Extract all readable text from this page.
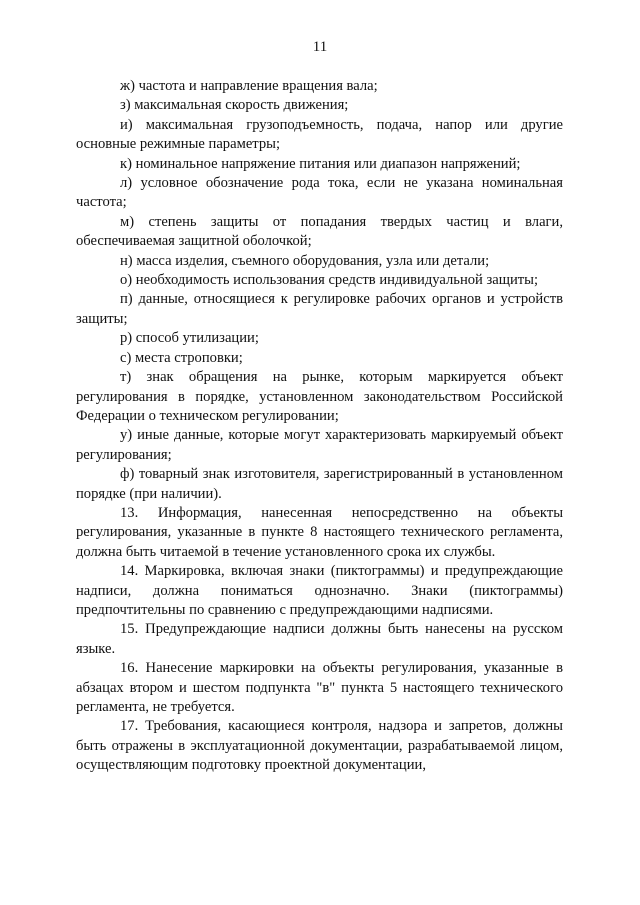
11

ж) частота и направление вращения вала;

з) максимальная скорость движения;

и) максимальная грузоподъемность, подача, напор или другие основные режимные параметры;

к) номинальное напряжение питания или диапазон напряжений;

л) условное обозначение рода тока, если не указана номинальная частота;

м) степень защиты от попадания твердых частиц и влаги, обеспечиваемая защитной оболочкой;

н) масса изделия, съемного оборудования, узла или детали;

о) необходимость использования средств индивидуальной защиты;

п) данные, относящиеся к регулировке рабочих органов и устройств защиты;

р) способ утилизации;

с) места строповки;

т) знак обращения на рынке, которым маркируется объект регулирования в порядке, установленном законодательством Российской Федерации о техническом регулировании;

у) иные данные, которые могут характеризовать маркируемый объект регулирования;

ф) товарный знак изготовителя, зарегистрированный в установленном порядке (при наличии).

13. Информация, нанесенная непосредственно на объекты регулирования, указанные в пункте 8 настоящего технического регламента, должна быть читаемой в течение установленного срока их службы.

14. Маркировка, включая знаки (пиктограммы) и предупреждающие надписи, должна пониматься однозначно. Знаки (пиктограммы) предпочтительны по сравнению с предупреждающими надписями.

15. Предупреждающие надписи должны быть нанесены на русском языке.

16. Нанесение маркировки на объекты регулирования, указанные в абзацах втором и шестом подпункта "в" пункта 5 настоящего технического регламента, не требуется.

17. Требования, касающиеся контроля, надзора и запретов, должны быть отражены в эксплуатационной документации, разрабатываемой лицом, осуществляющим подготовку проектной документации,
